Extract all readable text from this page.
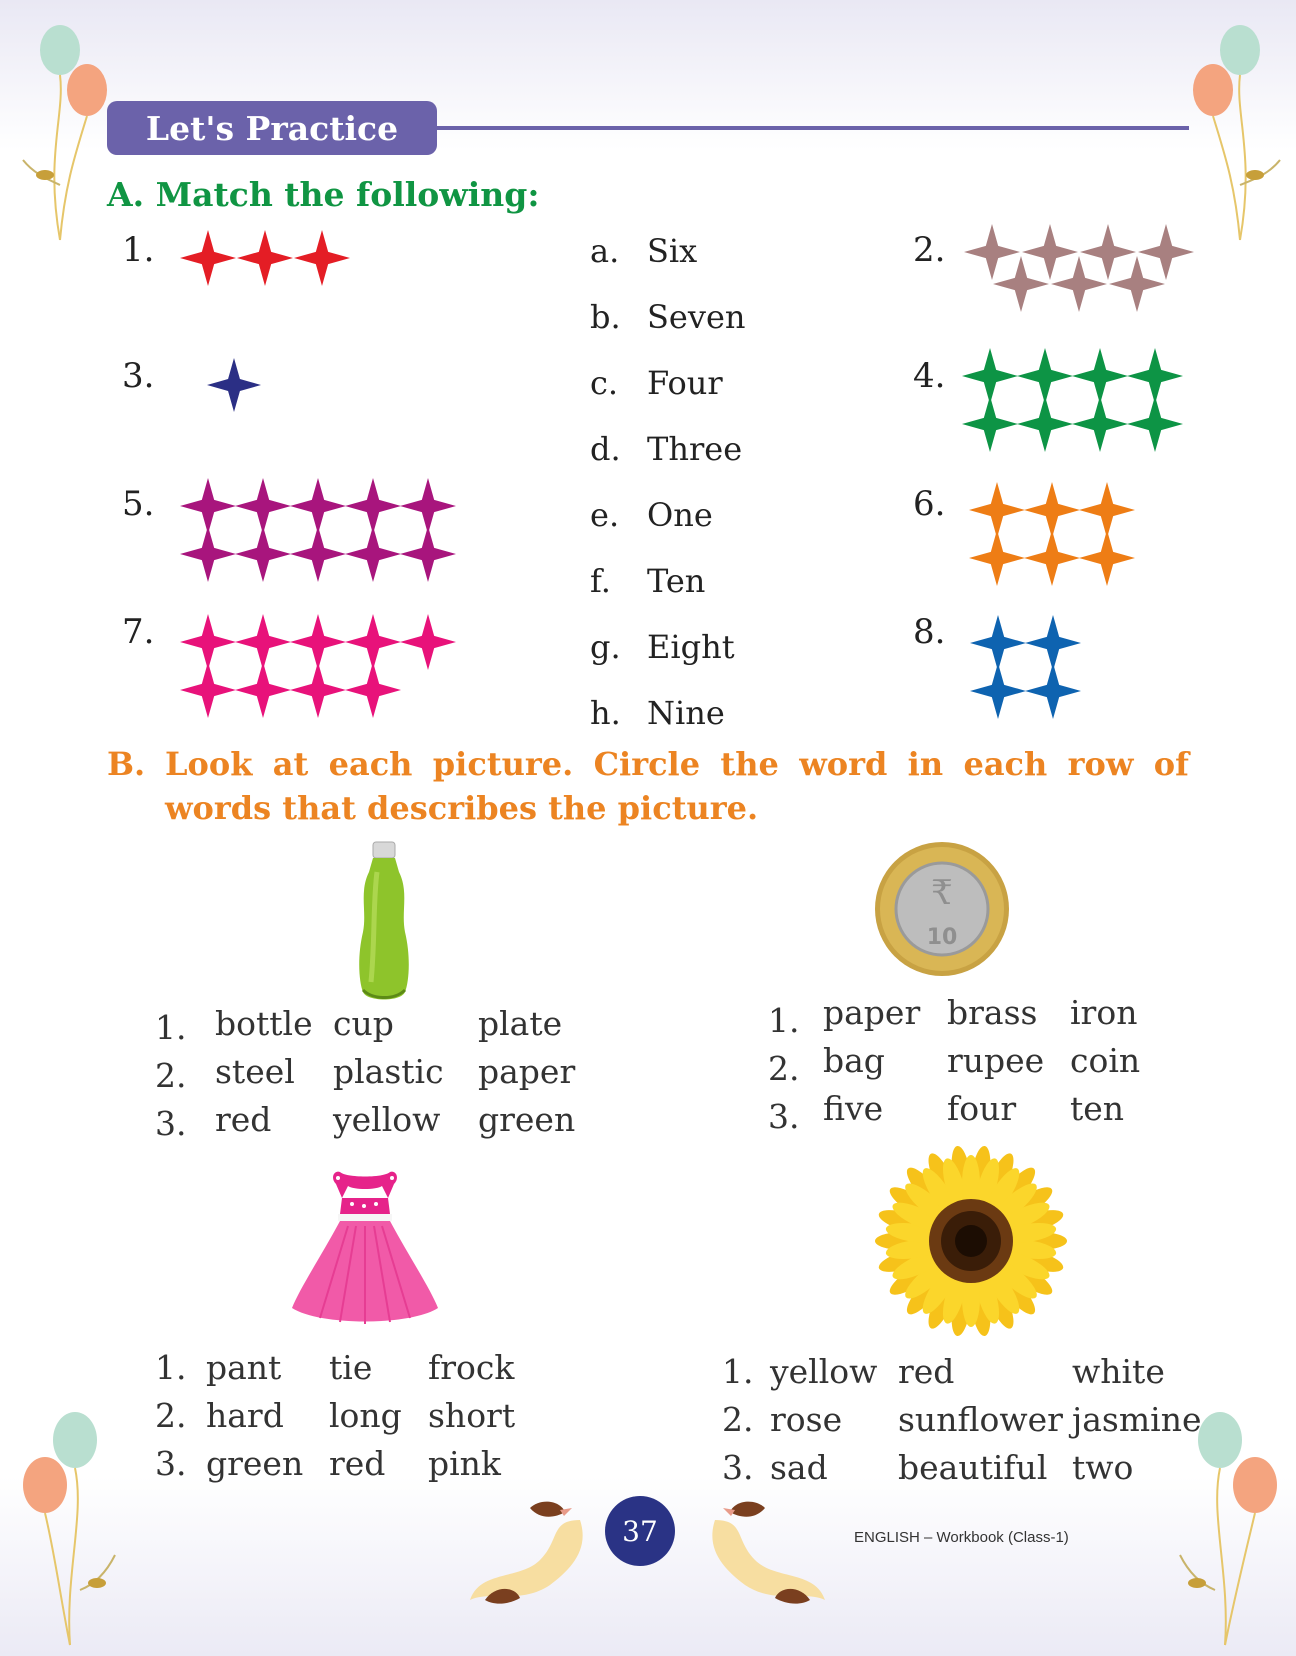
Let's Practice
A. Match the following:
1.	2.
3.	4.
5.	6.
7.	8.
a. Six
b. Seven
c. Four
d. Three
e. One
f. Ten
g. Eight
h. Nine
B. Look at each picture. Circle the word in each row of
words that describes the picture.
₹
10
1. bottle cup	plate
2. steel plastic paper
3. red yellow green
1. paper brass iron
2. bag rupee coin
3. five four ten
1. pant tie frock
2. hard long short
3. green red pink
1. yellow red	white
2. rose sunflower jasmine
3. sad beautiful two
37	ENGLISH – Workbook (Class-1)
